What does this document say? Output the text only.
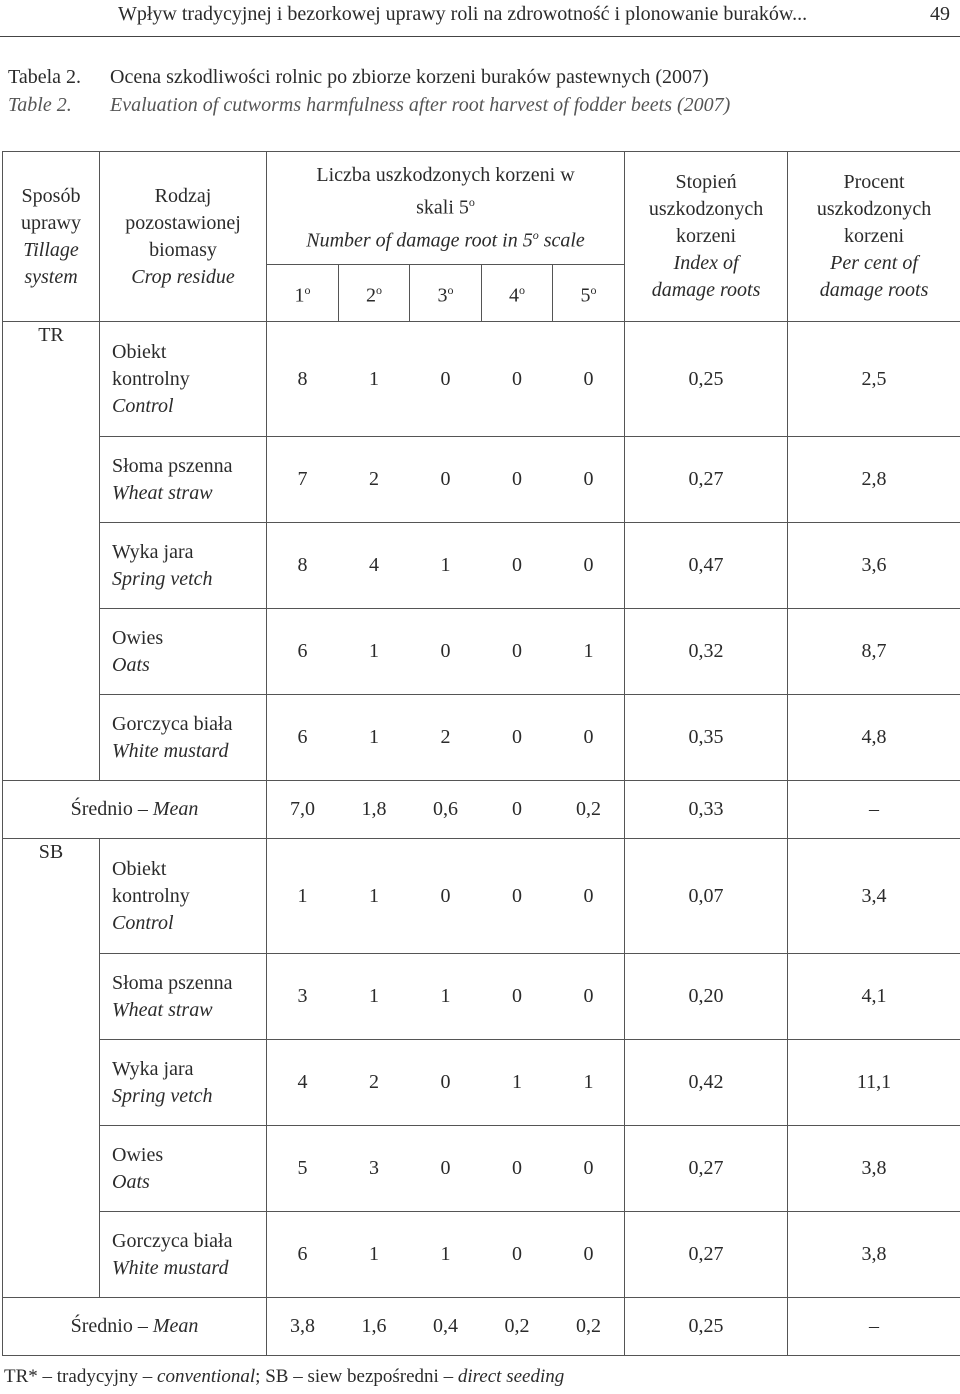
Wpływ tradycyjnej i bezorkowej uprawy roli na zdrowotność i plonowanie buraków...	49
Tabela 2. Ocena szkodliwości rolnic po zbiorze korzeni buraków pastewnych (2007)
Table 2. Evaluation of cutworms harmfulness after root harvest of fodder beets (2007)
Sposób
uprawy
Tillage
system	Rodzaj
pozostawionej
biomasy
Crop residue	Liczba uszkodzonych korzeni w
skali 5$^o$
Number of damage root in 5$^o$ scale					Stopień
uszkodzonych
korzeni
Index of
damage roots	Procent
uszkodzonych
korzeni
Per cent of
damage roots

		1$^o$	2$^o$	3$^o$	4$^o$	5$^o$
TR	Obiekt
kontrolny
Control	8	1	0	0	0	0,25	2,5

	Słoma pszenna
Wheat straw	7	2	0	0	0	0,27	2,8

	Wyka jara
Spring vetch	8	4	1	0	0	0,47	3,6

	Owies
Oats	6	1	0	0	1	0,32	8,7

	Gorczyca biała
White mustard	6	1	2	0	0	0,35	4,8
Średnio – Mean		7,0	1,8	0,6	0	0,2	0,33	–
SB	Obiekt
kontrolny
Control	1	1	0	0	0	0,07	3,4

	Słoma pszenna
Wheat straw	3	1	1	0	0	0,20	4,1

	Wyka jara
Spring vetch	4	2	0	1	1	0,42	11,1

	Owies
Oats	5	3	0	0	0	0,27	3,8

	Gorczyca biała
White mustard	6	1	1	0	0	0,27	3,8
Średnio – Mean		3,8	1,6	0,4	0,2	0,2	0,25	–
TR* – tradycyjny – conventional; SB – siew bezpośredni – direct seeding
